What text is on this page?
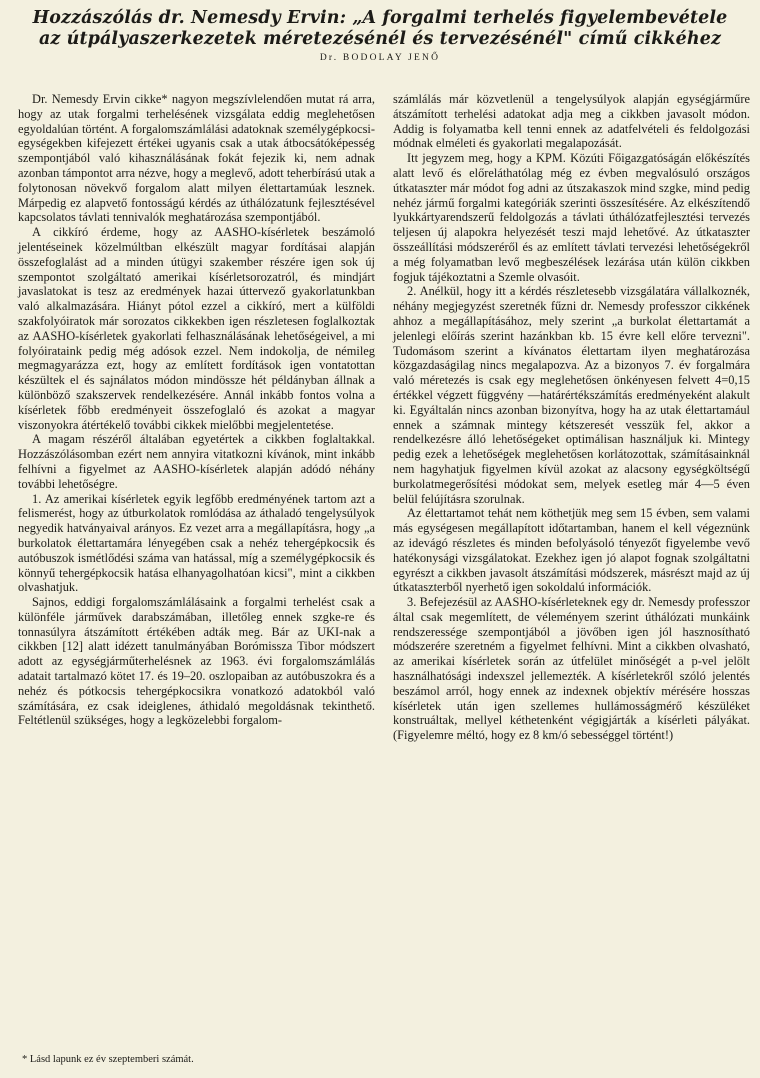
Hozzászólás dr. Nemesdy Ervin: „A forgalmi terhelés figyelembevétele
az útpályaszerkezetek méretezésénél és tervezésénél" című cikkéhez
Dr. BODOLAY JENŐ

Dr. Nemesdy Ervin cikke* nagyon megszívlelendően mutat rá arra, hogy az utak forgalmi terhelésének vizsgálata eddig meglehetősen egyoldalúan történt. A forgalomszámlálási adatoknak személygépkocsi-egységekben kifejezett értékei ugyanis csak a utak átbocsátóképesség szempontjából való kihasználásának fokát fejezik ki, nem adnak azonban támpontot arra nézve, hogy a meglevő, adott teherbírású utak a folytonosan növekvő forgalom alatt milyen élettartamúak lesznek. Márpedig ez alapvető fontosságú kérdés az úthálózatunk fejlesztésével kapcsolatos távlati tennivalók meghatározása szempontjából.

A cikkíró érdeme, hogy az AASHO-kísérletek beszámoló jelentéseinek közelmúltban elkészült magyar fordításai alapján összefoglalást ad a minden útügyi szakember részére igen sok új szempontot szolgáltató amerikai kísérletsorozatról, és mindjárt javaslatokat is tesz az eredmények hazai úttervező gyakorlatunkban való alkalmazására. Hiányt pótol ezzel a cikkíró, mert a külföldi szakfolyóiratok már sorozatos cikkekben igen részletesen foglalkoztak az AASHO-kísérletek gyakorlati felhasználásának lehetőségeivel, a mi folyóirataink pedig még adósok ezzel. Nem indokolja, de némileg megmagyarázza ezt, hogy az említett fordítások igen vontatottan készültek el és sajnálatos módon mindössze hét példányban állnak a különböző szakszervek rendelkezésére. Annál inkább fontos volna a kísérletek főbb eredményeit összefoglaló és azokat a magyar viszonyokra átértékelő további cikkek mielőbbi megjelentetése.

A magam részéről általában egyetértek a cikkben foglaltakkal. Hozzászólásomban ezért nem annyira vitatkozni kívánok, mint inkább felhívni a figyelmet az AASHO-kísérletek alapján adódó néhány további lehetőségre.

1. Az amerikai kísérletek egyik legfőbb eredményének tartom azt a felismerést, hogy az útburkolatok romlódása az áthaladó tengelysúlyok negyedik hatványaival arányos. Ez vezet arra a megállapításra, hogy „a burkolatok élettartamára lényegében csak a nehéz tehergépkocsik és autóbuszok ismétlődési száma van hatással, míg a személygépkocsik és könnyű tehergépkocsik hatása elhanyagolhatóan kicsi", mint a cikkben olvashatjuk.

Sajnos, eddigi forgalomszámlálásaink a forgalmi terhelést csak a különféle járművek darabszámában, illetőleg ennek szgke-re és tonnasúlyra átszámított értékében adták meg. Bár az UKI-nak a cikkben [12] alatt idézett tanulmányában Borómissza Tibor módszert adott az egységjárműterhelésnek az 1963. évi forgalomszámlálás adatait tartalmazó kötet 17. és 19–20. oszlopaiban az autóbuszokra és a nehéz és pótkocsis tehergépkocsikra vonatkozó adatokból való számítására, ez csak ideiglenes, áthidaló megoldásnak tekinthető. Feltétlenül szükséges, hogy a legközelebbi forgalom-

számlálás már közvetlenül a tengelysúlyok alapján egységjárműre átszámított terhelési adatokat adja meg a cikkben javasolt módon. Addig is folyamatba kell tenni ennek az adatfelvételi és feldolgozási módnak elméleti és gyakorlati megalapozását.

Itt jegyzem meg, hogy a KPM. Közúti Főigazgatóságán előkészítés alatt levő és előreláthatólag még ez évben megvalósuló országos útkataszter már módot fog adni az útszakaszok mind szgke, mind pedig nehéz jármű forgalmi kategóriák szerinti összesítésére. Az elkészítendő lyukkártyarendszerű feldolgozás a távlati úthálózatfejlesztési tervezés teljesen új alapokra helyezését teszi majd lehetővé. Az útkataszter összeállítási módszeréről és az említett távlati tervezési lehetőségekről a még folyamatban levő megbeszélések lezárása után külön cikkben fogjuk tájékoztatni a Szemle olvasóit.

2. Anélkül, hogy itt a kérdés részletesebb vizsgálatára vállalkoznék, néhány megjegyzést szeretnék fűzni dr. Nemesdy professzor cikkének ahhoz a megállapításához, mely szerint „a burkolat élettartamát a jelenlegi előírás szerint hazánkban kb. 15 évre kell előre tervezni". Tudomásom szerint a kívánatos élettartam ilyen meghatározása közgazdaságilag nincs megalapozva. Az a bizonyos 7. év forgalmára való méretezés is csak egy meglehetősen önkényesen felvett 4=0,15 értékkel végzett függvény —határértékszámítás eredményeként alakult ki. Egyáltalán nincs azonban bizonyítva, hogy ha az utak élettartamául ennek a számnak mintegy kétszeresét vesszük fel, akkor a rendelkezésre álló lehetőségeket optimálisan használjuk ki. Mintegy pedig ezek a lehetőségek meglehetősen korlátozottak, számításainknál nem hagyhatjuk figyelmen kívül azokat az alacsony egységköltségű burkolatmegerősítési módokat sem, melyek esetleg már 4—5 éven belül felújításra szorulnak.

Az élettartamot tehát nem köthetjük meg sem 15 évben, sem valami más egységesen megállapított időtartamban, hanem el kell végeznünk az idevágó részletes és minden befolyásoló tényezőt figyelembe vevő hatékonysági vizsgálatokat. Ezekhez igen jó alapot fognak szolgáltatni egyrészt a cikkben javasolt átszámítási módszerek, másrészt majd az új útkataszterből nyerhető igen sokoldalú információk.

3. Befejezésül az AASHO-kísérleteknek egy dr. Nemesdy professzor által csak megemlített, de véleményem szerint úthálózati munkáink rendszeressége szempontjából a jövőben igen jól hasznosítható módszerére szeretném a figyelmet felhívni. Mint a cikkben olvasható, az amerikai kísérletek során az útfelület minőségét a p-vel jelölt használhatósági indexszel jellemezték. A kísérletekről szóló jelentés beszámol arról, hogy ennek az indexnek objektív mérésére hosszas kísérletek után igen szellemes hullámosságmérő készüléket konstruáltak, mellyel kéthetenként végigjárták a kísérleti pályákat. (Figyelemre méltó, hogy ez 8 km/ó sebességgel történt!)

* Lásd lapunk ez év szeptemberi számát.
